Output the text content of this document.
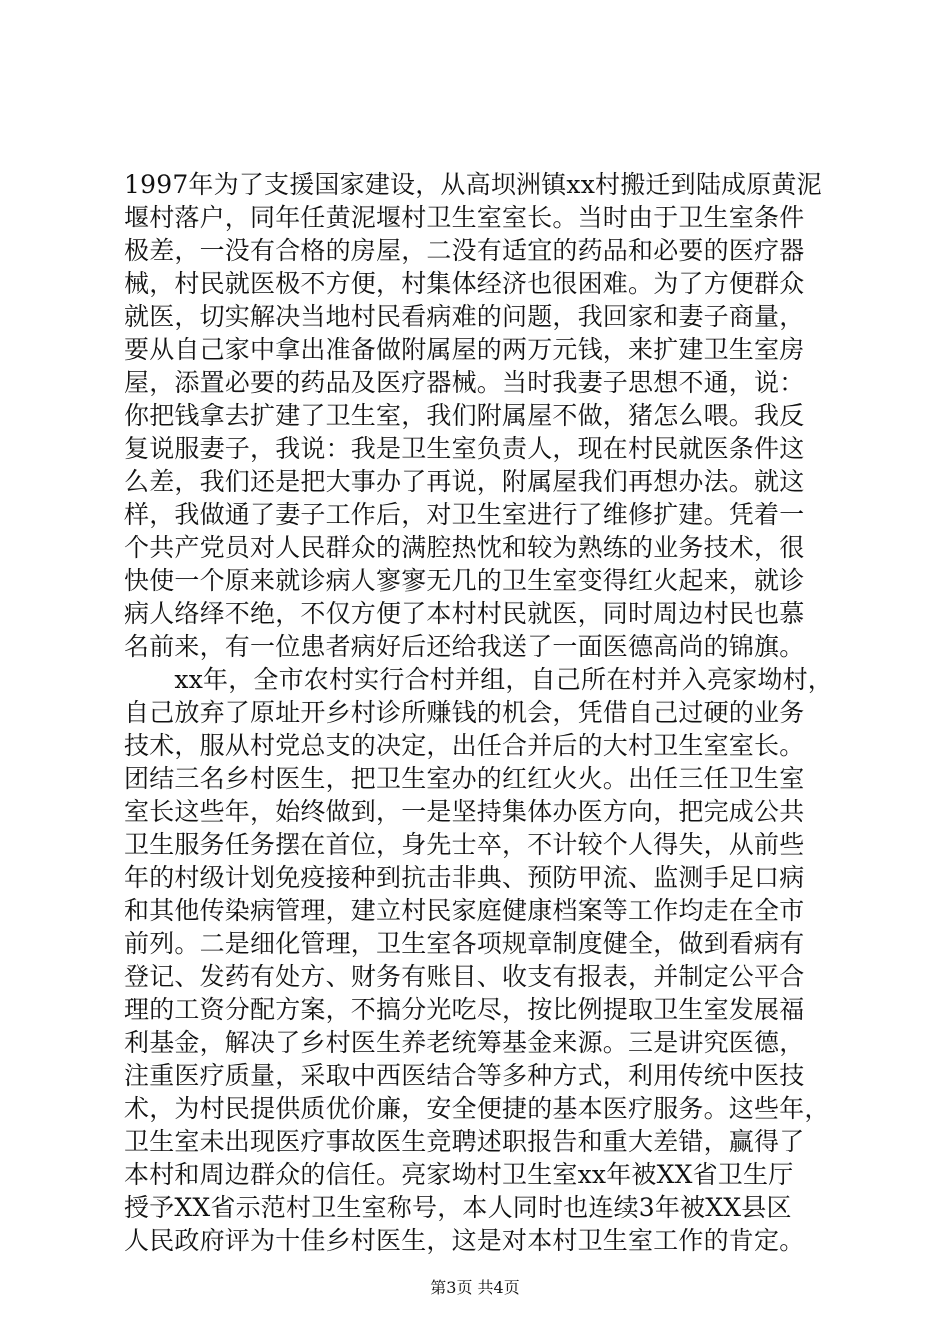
1997年为了支援国家建设，从高坝洲镇xx村搬迁到陆成原黄泥
堰村落户，同年任黄泥堰村卫生室室长。当时由于卫生室条件
极差，一没有合格的房屋，二没有适宜的药品和必要的医疗器
械，村民就医极不方便，村集体经济也很困难。为了方便群众
就医，切实解决当地村民看病难的问题，我回家和妻子商量，
要从自己家中拿出准备做附属屋的两万元钱，来扩建卫生室房
屋，添置必要的药品及医疗器械。当时我妻子思想不通，说：
你把钱拿去扩建了卫生室，我们附属屋不做，猪怎么喂。我反
复说服妻子，我说：我是卫生室负责人，现在村民就医条件这
么差，我们还是把大事办了再说，附属屋我们再想办法。就这
样，我做通了妻子工作后，对卫生室进行了维修扩建。凭着一
个共产党员对人民群众的满腔热忱和较为熟练的业务技术，很
快使一个原来就诊病人寥寥无几的卫生室变得红火起来，就诊
病人络绎不绝，不仅方便了本村村民就医，同时周边村民也慕
名前来，有一位患者病好后还给我送了一面医德高尚的锦旗。
　　xx年，全市农村实行合村并组，自己所在村并入亮家坳村，
自己放弃了原址开乡村诊所赚钱的机会，凭借自己过硬的业务
技术，服从村党总支的决定，出任合并后的大村卫生室室长。
团结三名乡村医生，把卫生室办的红红火火。出任三任卫生室
室长这些年，始终做到，一是坚持集体办医方向，把完成公共
卫生服务任务摆在首位，身先士卒，不计较个人得失，从前些
年的村级计划免疫接种到抗击非典、预防甲流、监测手足口病
和其他传染病管理，建立村民家庭健康档案等工作均走在全市
前列。二是细化管理，卫生室各项规章制度健全，做到看病有
登记、发药有处方、财务有账目、收支有报表，并制定公平合
理的工资分配方案，不搞分光吃尽，按比例提取卫生室发展福
利基金，解决了乡村医生养老统筹基金来源。三是讲究医德，
注重医疗质量，采取中西医结合等多种方式，利用传统中医技
术，为村民提供质优价廉，安全便捷的基本医疗服务。这些年，
卫生室未出现医疗事故医生竞聘述职报告和重大差错，赢得了
本村和周边群众的信任。亮家坳村卫生室xx年被XX省卫生厅
授予XX省示范村卫生室称号，本人同时也连续3年被XX县区
人民政府评为十佳乡村医生，这是对本村卫生室工作的肯定。
第3页 共4页
